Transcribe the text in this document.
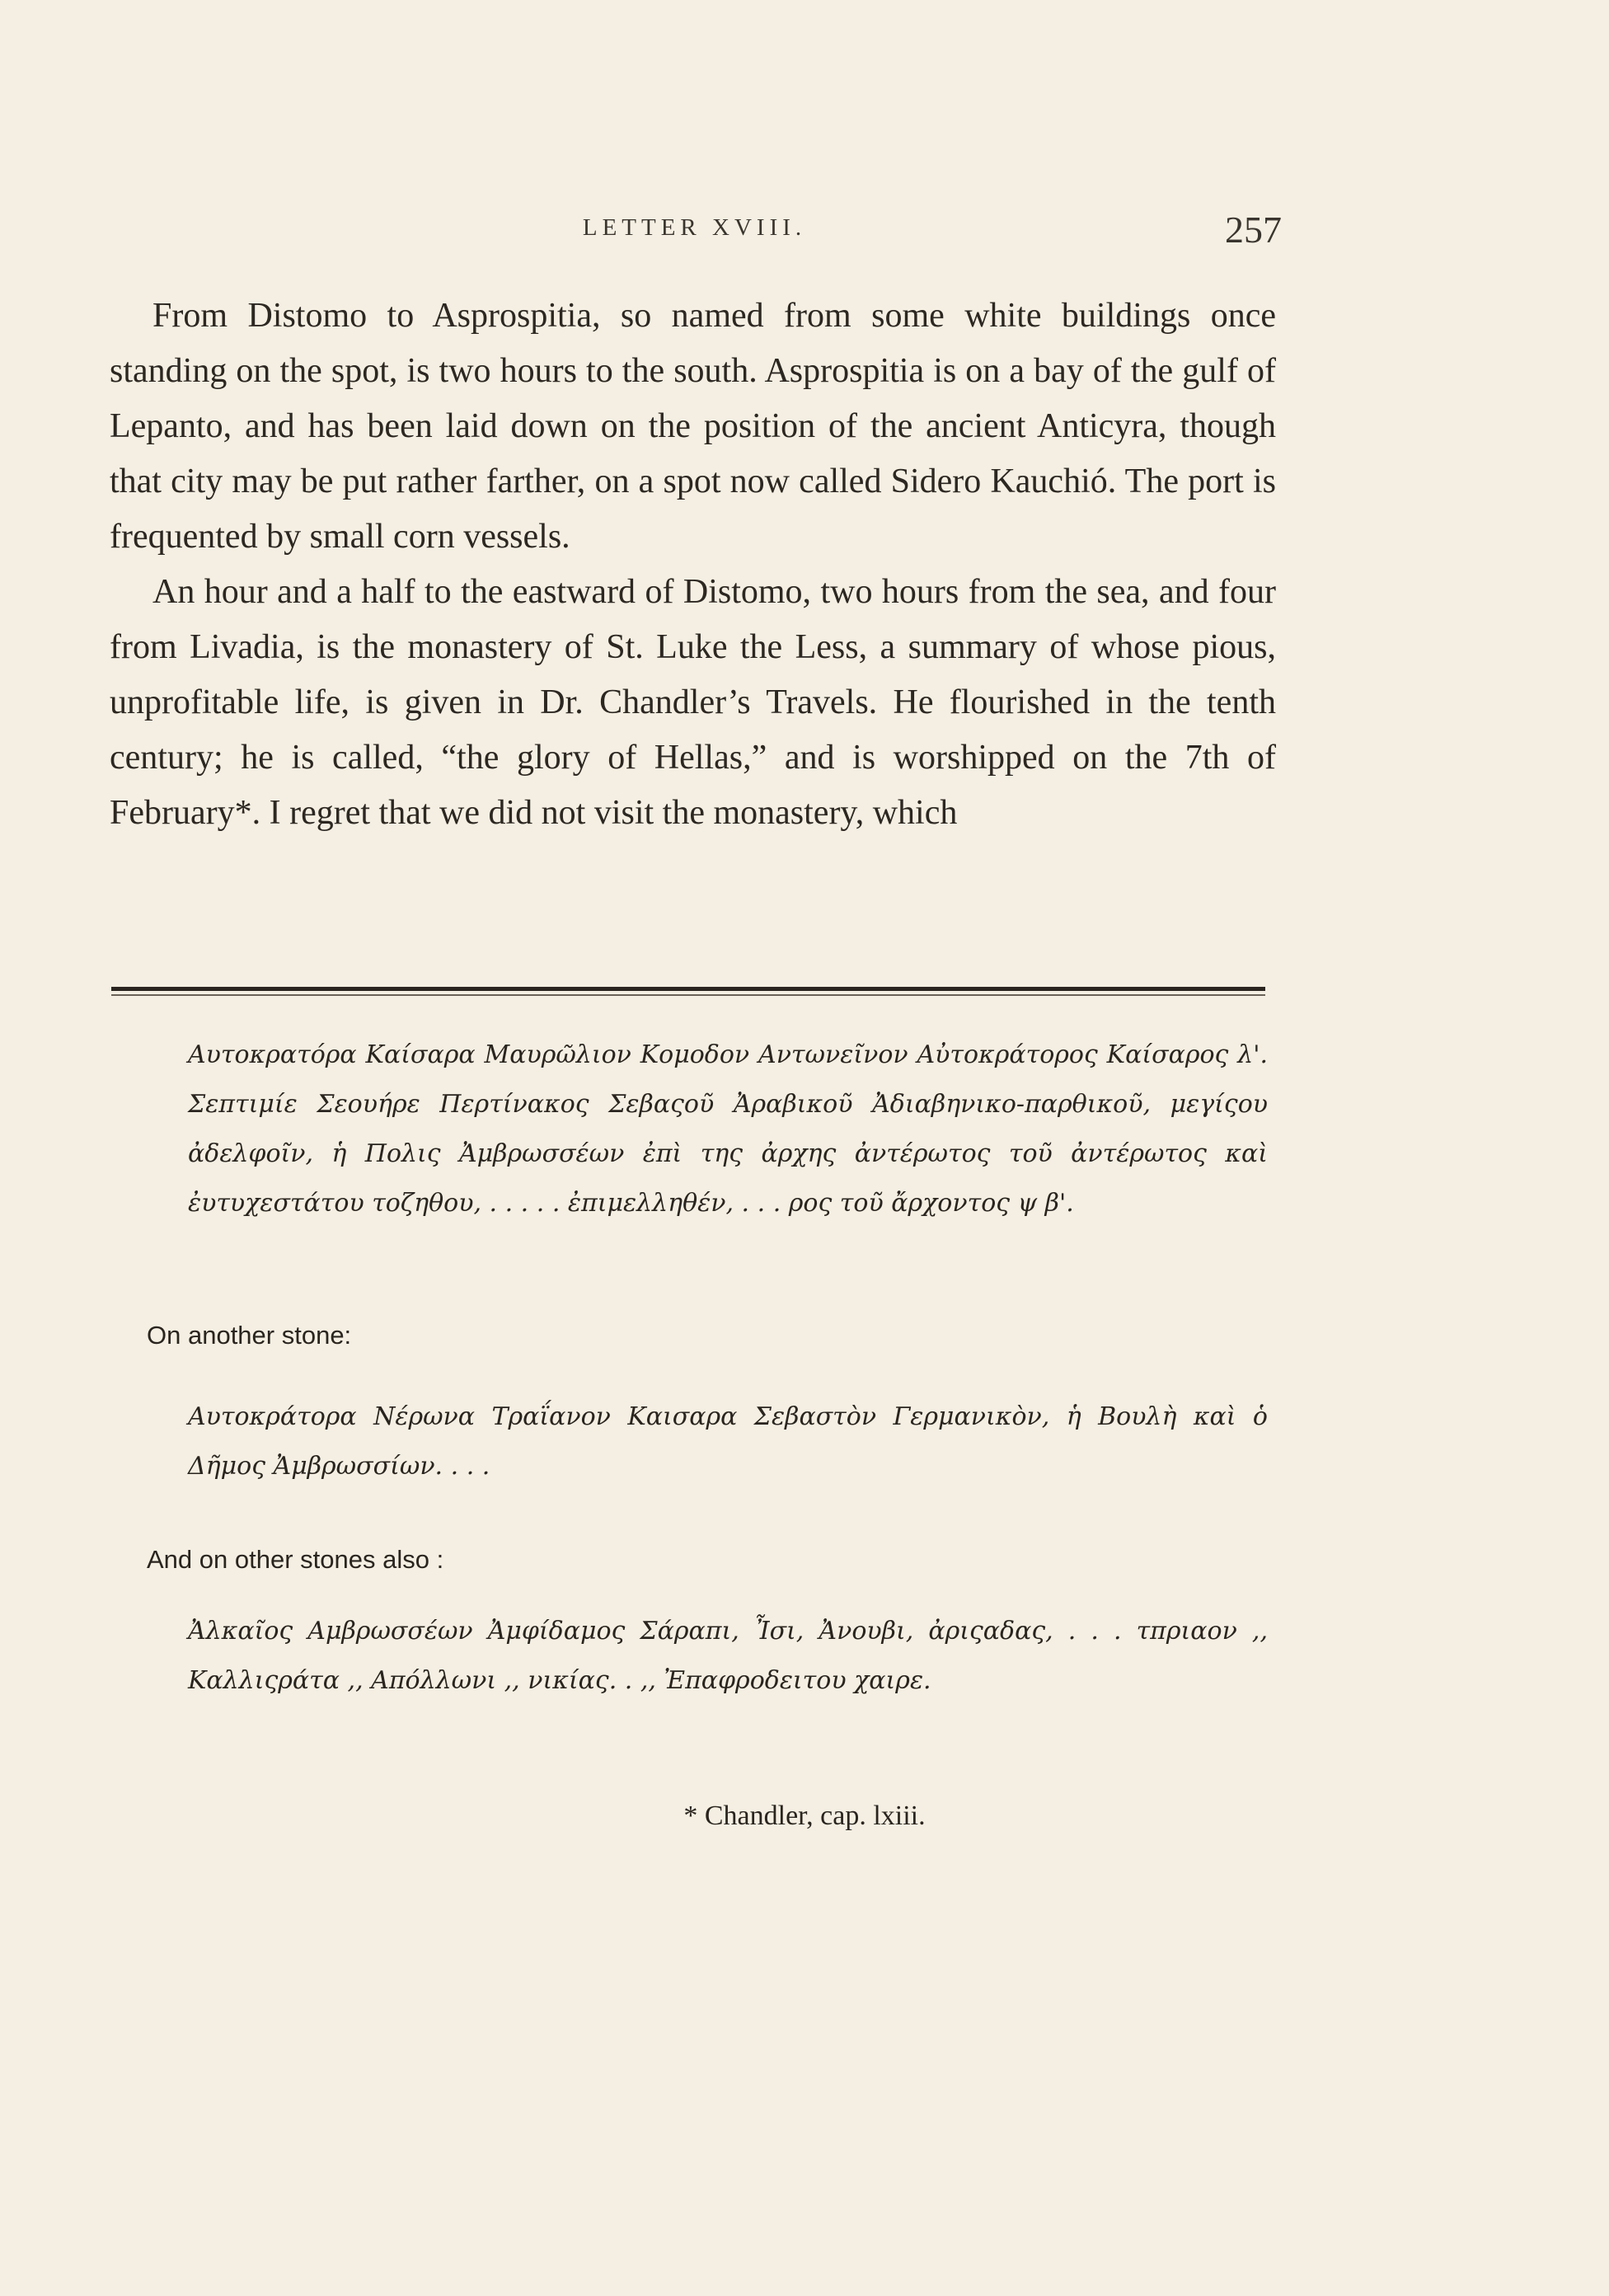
LETTER XVIII.	257

From Distomo to Asprospitia, so named from some white buildings once standing on the spot, is two hours to the south. Asprospitia is on a bay of the gulf of Lepanto, and has been laid down on the position of the ancient Anticyra, though that city may be put rather farther, on a spot now called Sidero Kauchió. The port is frequented by small corn vessels.

An hour and a half to the eastward of Distomo, two hours from the sea, and four from Livadia, is the monastery of St. Luke the Less, a summary of whose pious, unprofitable life, is given in Dr. Chandler’s Travels. He flourished in the tenth century; he is called, “the glory of Hellas,” and is worshipped on the 7th of February*. I regret that we did not visit the monastery, which

Αυτοκρατόρα Καίσαρα Μαυρῶλιον Κομοδον Αντωνεῖνον Αὐτοκράτορος Καίσαρος λ'. Σεπτιμίε Σεουήρε Περτίνακος Σεβαςοῦ Ἀραβικοῦ Ἀδιαβηνικο-παρθικοῦ, μεγίςου ἀδελφοῖν, ἡ Πολις Ἀμβρωσσέων ἐπὶ της ἀρχης ἀντέρωτος τοῦ ἀντέρωτος καὶ ἐυτυχεστάτου τοζηθου, . . . . . ἐπιμελληθέν, . . . ρος τοῦ ἄρχοντος ψ β'.
On another stone:
Αυτοκράτορα Νέρωνα Τραΐανον Καισαρα Σεβαστὸν Γερμανικὸν, ἡ Βουλὴ καὶ ὁ Δῆμος Ἀμβρωσσίων. . . .
And on other stones also :
Ἀλκαῖος Αμβρωσσέων Ἀμφίδαμος Σάραπι, Ἶσι, Ἀνουβι, ἀριςαδας, . . . τπριαον ,, Καλλιςράτα ,, Απόλλωνι ,, νικίας. . ,, Ἐπαφροδειτου χαιρε.
* Chandler, cap. lxiii.
